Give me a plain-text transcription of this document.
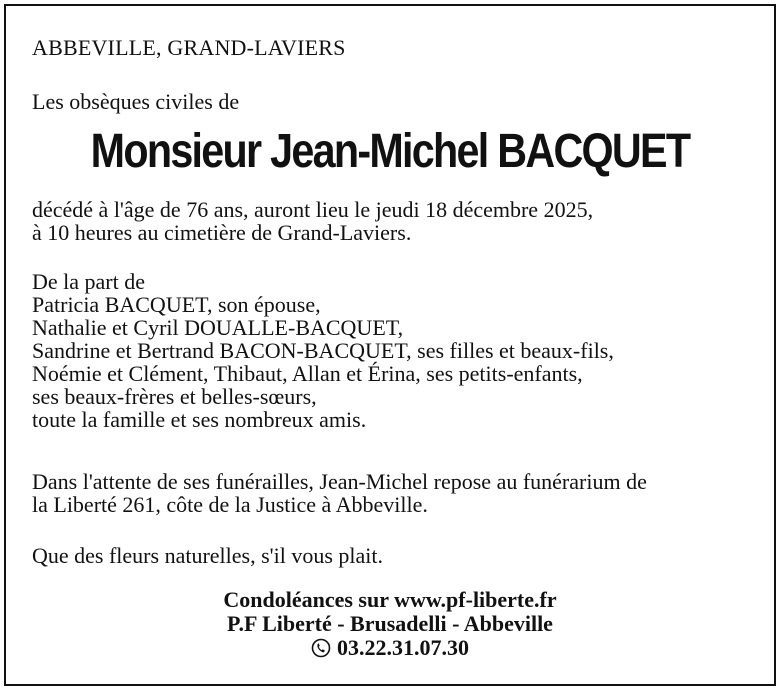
ABBEVILLE, GRAND-LAVIERS
Les obsèques civiles de
Monsieur Jean-Michel BACQUET
décédé à l'âge de 76 ans, auront lieu le jeudi 18 décembre 2025,
à 10 heures au cimetière de Grand-Laviers.
De la part de
Patricia BACQUET, son épouse,
Nathalie et Cyril DOUALLE-BACQUET,
Sandrine et Bertrand BACON-BACQUET, ses filles et beaux-fils,
Noémie et Clément, Thibaut, Allan et Érina, ses petits-enfants,
ses beaux-frères et belles-sœurs,
toute la famille et ses nombreux amis.
Dans l'attente de ses funérailles, Jean-Michel repose au funérarium de
la Liberté 261, côte de la Justice à Abbeville.
Que des fleurs naturelles, s'il vous plait.
Condoléances sur www.pf-liberte.fr
P.F Liberté - Brusadelli - Abbeville
03.22.31.07.30
